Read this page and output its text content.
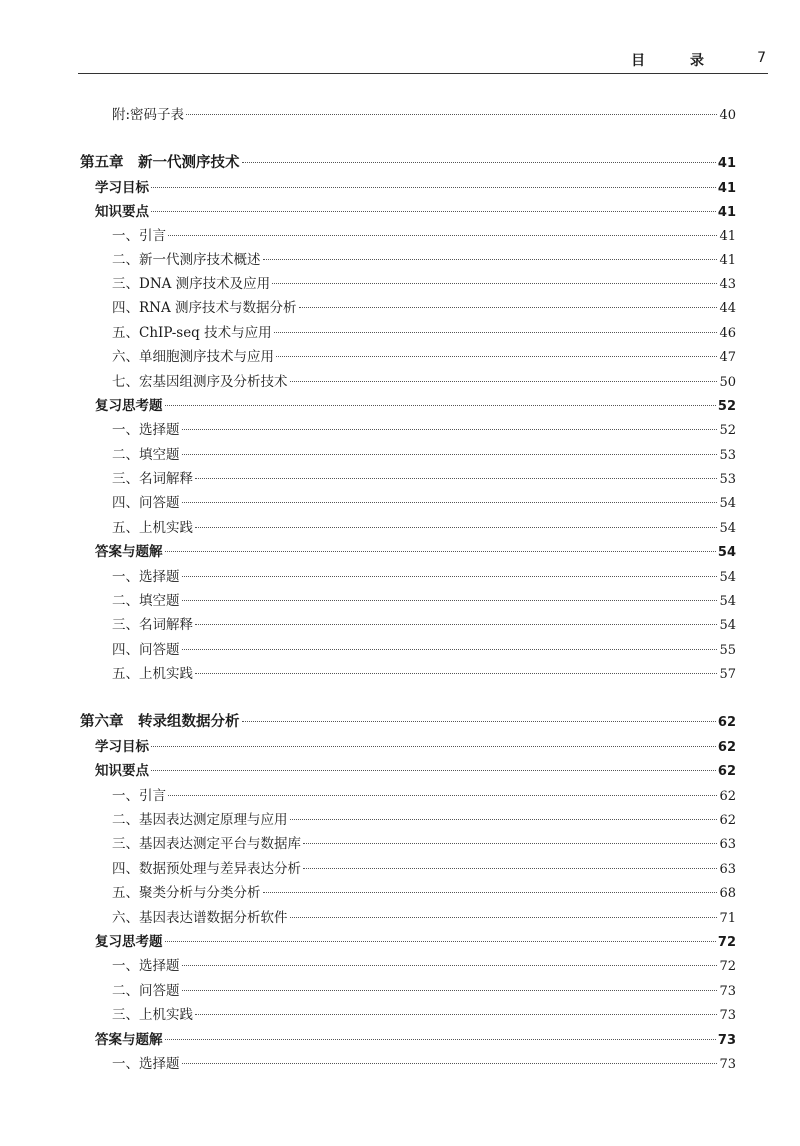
目 录 7
附:密码子表	40
第五章　新一代测序技术	41
学习目标	41
知识要点	41
一、引言	41
二、新一代测序技术概述	41
三、DNA 测序技术及应用	43
四、RNA 测序技术与数据分析	44
五、ChIP-seq 技术与应用	46
六、单细胞测序技术与应用	47
七、宏基因组测序及分析技术	50
复习思考题	52
一、选择题	52
二、填空题	53
三、名词解释	53
四、问答题	54
五、上机实践	54
答案与题解	54
一、选择题	54
二、填空题	54
三、名词解释	54
四、问答题	55
五、上机实践	57
第六章　转录组数据分析	62
学习目标	62
知识要点	62
一、引言	62
二、基因表达测定原理与应用	62
三、基因表达测定平台与数据库	63
四、数据预处理与差异表达分析	63
五、聚类分析与分类分析	68
六、基因表达谱数据分析软件	71
复习思考题	72
一、选择题	72
二、问答题	73
三、上机实践	73
答案与题解	73
一、选择题	73
